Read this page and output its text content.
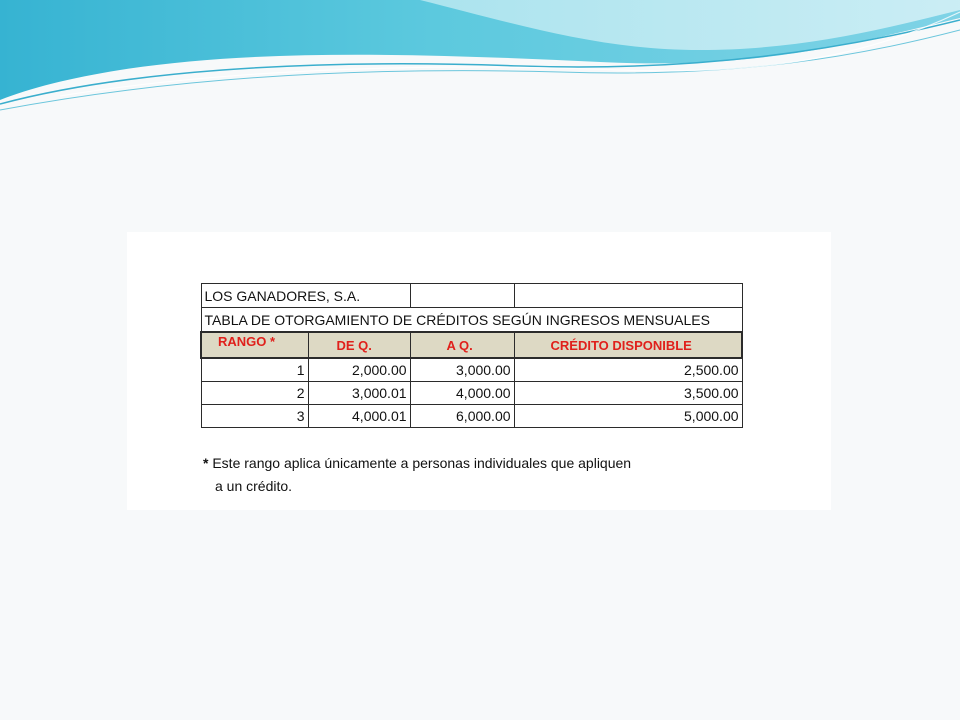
LOS GANADORES, S.A.			
TABLA DE OTORGAMIENTO DE CRÉDITOS SEGÚN INGRESOS MENSUALES			
RANGO *	DE Q.	A Q.	CRÉDITO DISPONIBLE
1	2,000.00	3,000.00	2,500.00
2	3,000.01	4,000.00	3,500.00
3	4,000.01	6,000.00	5,000.00
* Este rango aplica únicamente a personas individuales que apliquen
a un crédito.
